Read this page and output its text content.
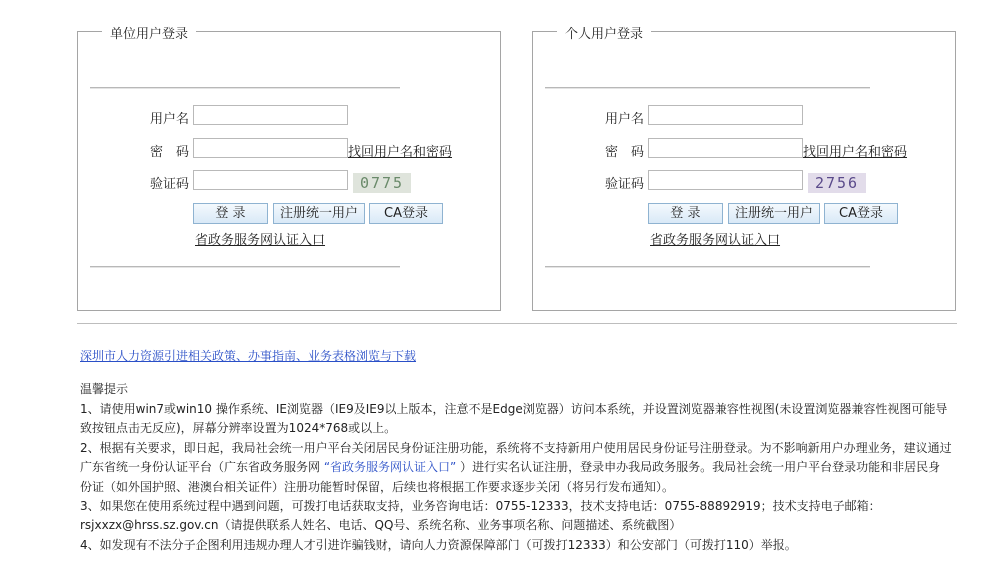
单位用户登录
用户名
密　码	找回用户名和密码
验证码	0775
登 录	注册统一用户	CA登录
省政务服务网认证入口
个人用户登录
用户名
密　码	找回用户名和密码
验证码	2756
登 录	注册统一用户	CA登录
省政务服务网认证入口
深圳市人力资源引进相关政策、办事指南、业务表格浏览与下载
温馨提示

1、请使用win7或win10 操作系统、IE浏览器（IE9及IE9以上版本，注意不是Edge浏览器）访问本系统，并设置浏览器兼容性视图(未设置浏览器兼容性视图可能导致按钮点击无反应)，屏幕分辨率设置为1024*768或以上。

2、根据有关要求，即日起，我局社会统一用户平台关闭居民身份证注册功能，系统将不支持新用户使用居民身份证号注册登录。为不影响新用户办理业务，建议通过广东省统一身份认证平台（广东省政务服务网 “省政务服务网认证入口” ）进行实名认证注册，登录申办我局政务服务。我局社会统一用户平台登录功能和非居民身份证（如外国护照、港澳台相关证件）注册功能暂时保留，后续也将根据工作要求逐步关闭（将另行发布通知）。

3、如果您在使用系统过程中遇到问题，可拨打电话获取支持，业务咨询电话：0755-12333，技术支持电话：0755-88892919；技术支持电子邮箱：rsjxxzx@hrss.sz.gov.cn（请提供联系人姓名、电话、QQ号、系统名称、业务事项名称、问题描述、系统截图）

4、如发现有不法分子企图利用违规办理人才引进诈骗钱财，请向人力资源保障部门（可拨打12333）和公安部门（可拨打110）举报。
